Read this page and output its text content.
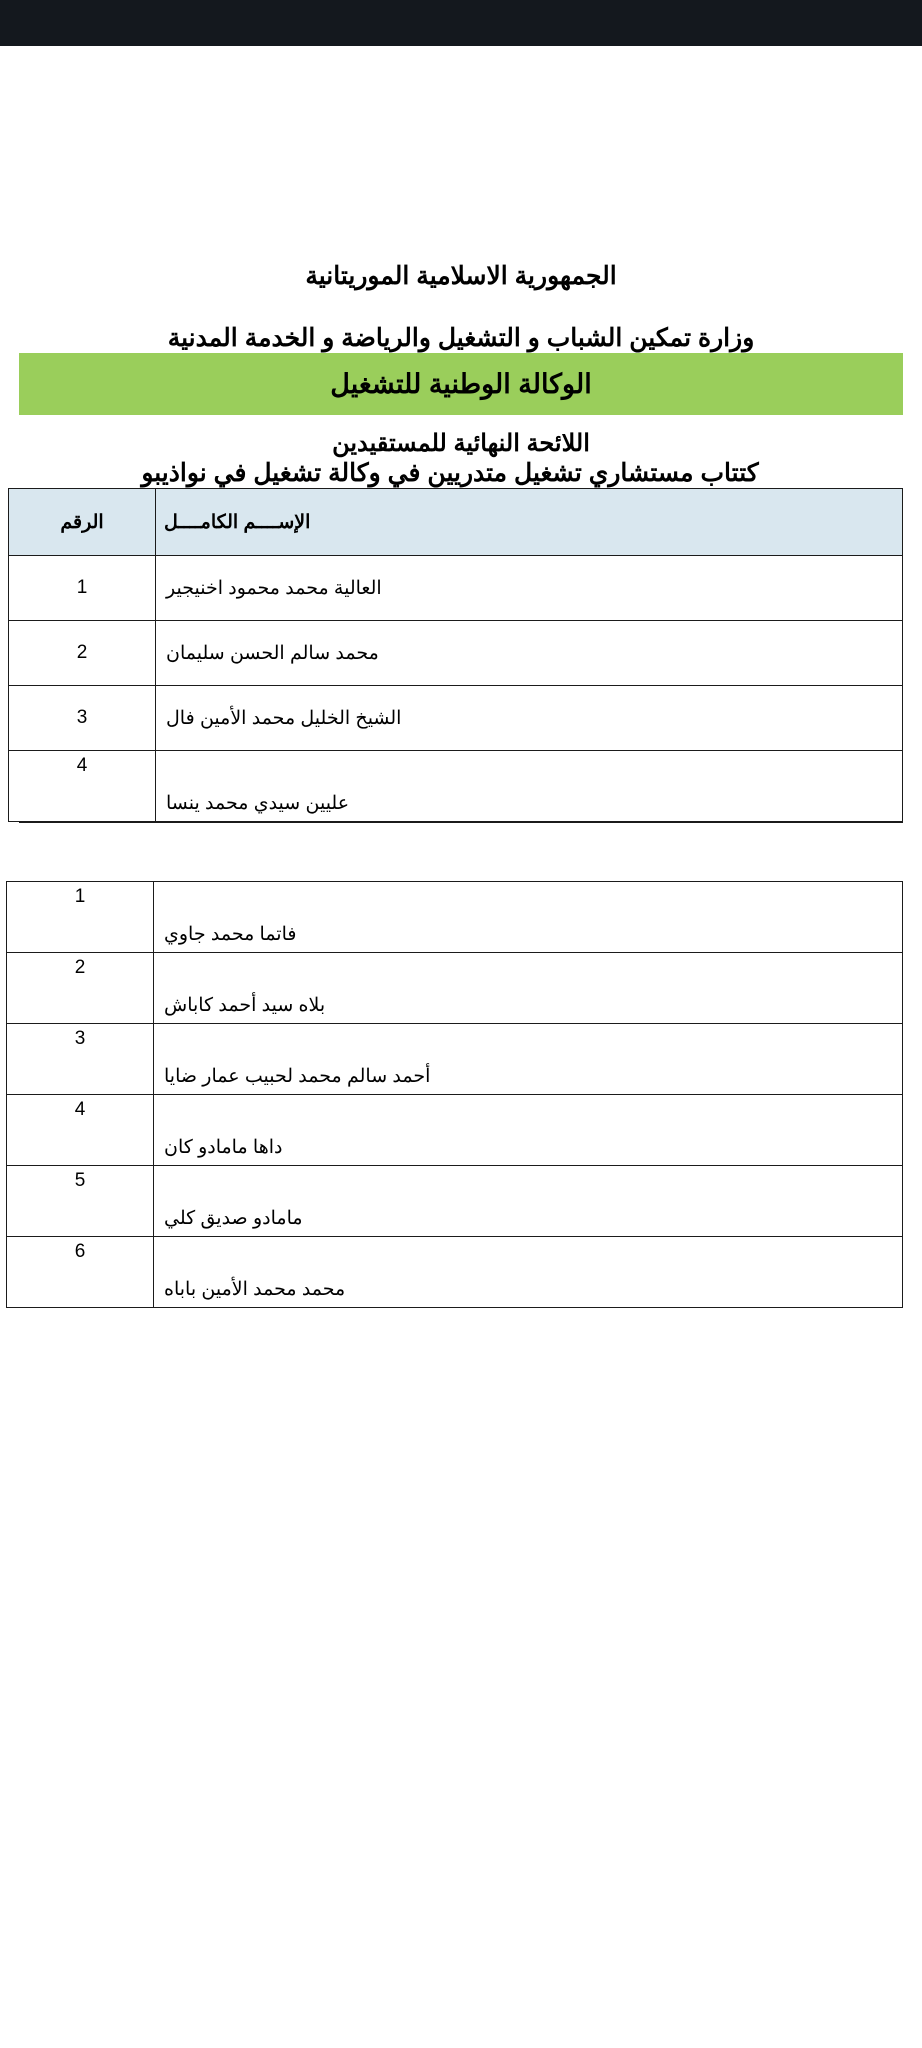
الجمهورية الاسلامية الموريتانية
وزارة تمكين الشباب و التشغيل والرياضة و الخدمة المدنية
الوكالة الوطنية للتشغيل
اللائحة النهائية للمستقيدين
كتتاب مستشاري تشغيل متدريين في وكالة تشغيل في نواذيبو
الإســــم الكامــــل	الرقم
العالية محمد محمود اخنيجير	1
محمد سالم الحسن سليمان	2
الشيخ الخليل محمد الأمين فال	3
عليين سيدي محمد ينسا	4
فاتما محمد جاوي	1
بلاه سيد أحمد كاباش	2
أحمد سالم محمد لحبيب عمار ضايا	3
داها مامادو كان	4
مامادو صديق كلي	5
محمد محمد الأمين باباه	6
